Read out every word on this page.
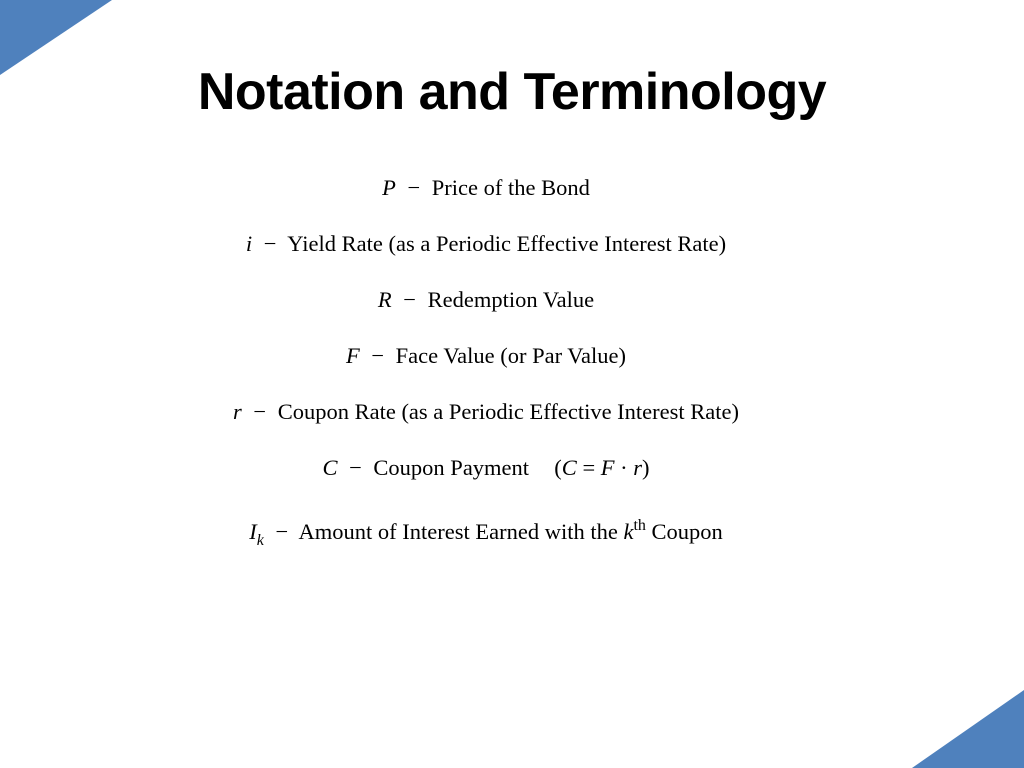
Notation and Terminology
P − Price of the Bond
i − Yield Rate (as a Periodic Effective Interest Rate)
R − Redemption Value
F − Face Value (or Par Value)
r − Coupon Rate (as a Periodic Effective Interest Rate)
C − Coupon Payment (C = F · r)
$I_k$ − Amount of Interest Earned with the $k^{th}$ Coupon
